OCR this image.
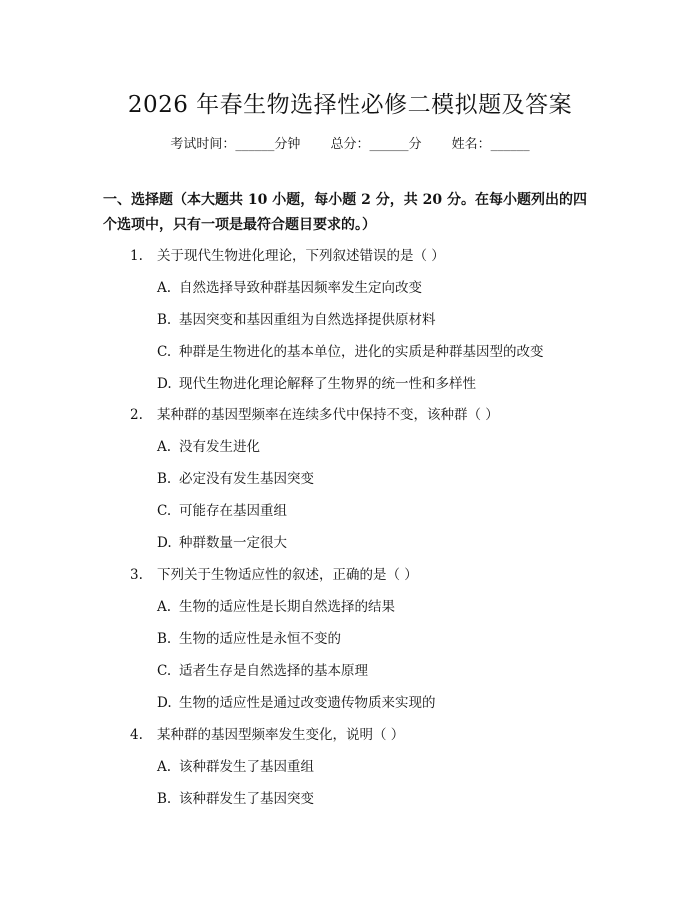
2026 年春生物选择性必修二模拟题及答案
考试时间：______分钟 总分：______分 姓名：______
一、选择题（本大题共 10 小题，每小题 2 分，共 20 分。在每小题列出的四个选项中，只有一项是最符合题目要求的。）
1. 关于现代生物进化理论，下列叙述错误的是（ ）
A. 自然选择导致种群基因频率发生定向改变
B. 基因突变和基因重组为自然选择提供原材料
C. 种群是生物进化的基本单位，进化的实质是种群基因型的改变
D. 现代生物进化理论解释了生物界的统一性和多样性
2. 某种群的基因型频率在连续多代中保持不变，该种群（ ）
A. 没有发生进化
B. 必定没有发生基因突变
C. 可能存在基因重组
D. 种群数量一定很大
3. 下列关于生物适应性的叙述，正确的是（ ）
A. 生物的适应性是长期自然选择的结果
B. 生物的适应性是永恒不变的
C. 适者生存是自然选择的基本原理
D. 生物的适应性是通过改变遗传物质来实现的
4. 某种群的基因型频率发生变化，说明（ ）
A. 该种群发生了基因重组
B. 该种群发生了基因突变
